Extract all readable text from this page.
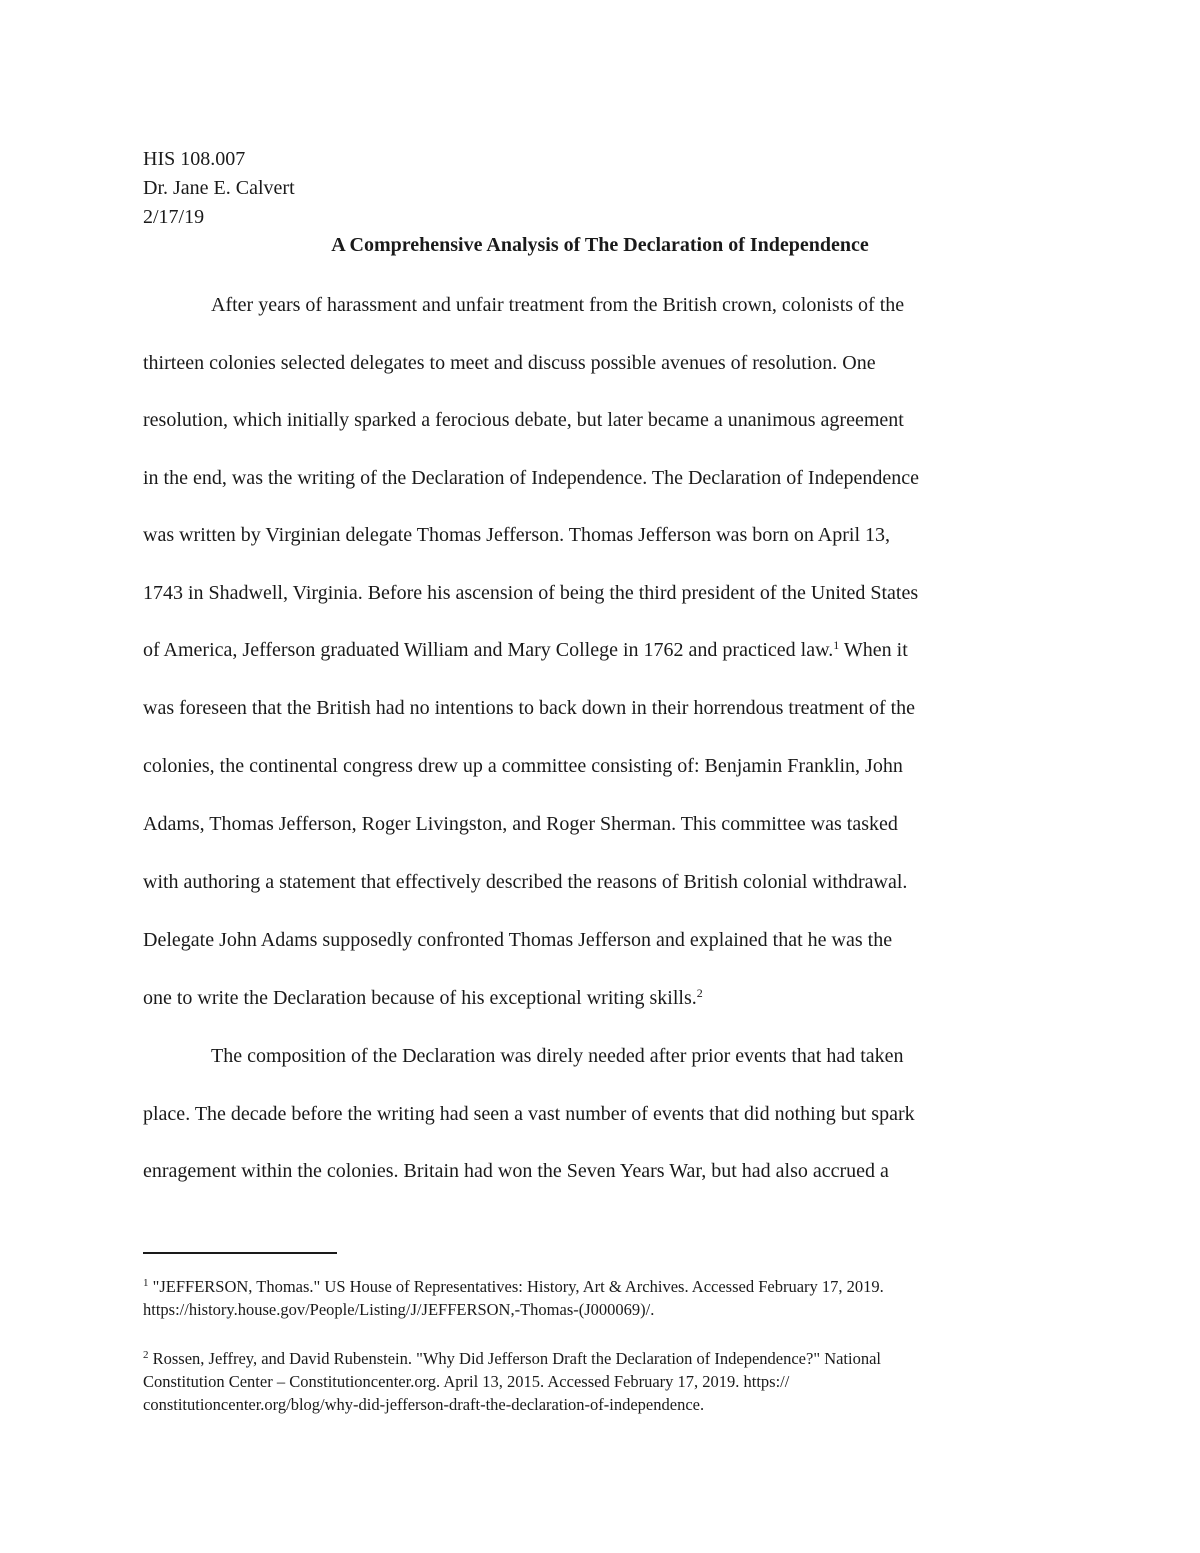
HIS 108.007
Dr. Jane E. Calvert
2/17/19
A Comprehensive Analysis of The Declaration of Independence
After years of harassment and unfair treatment from the British crown, colonists of the
thirteen colonies selected delegates to meet and discuss possible avenues of resolution. One
resolution, which initially sparked a ferocious debate, but later became a unanimous agreement
in the end, was the writing of the Declaration of Independence. The Declaration of Independence
was written by Virginian delegate Thomas Jefferson. Thomas Jefferson was born on April 13,
1743 in Shadwell, Virginia. Before his ascension of being the third president of the United States
of America, Jefferson graduated William and Mary College in 1762 and practiced law.$^1$ When it
was foreseen that the British had no intentions to back down in their horrendous treatment of the
colonies, the continental congress drew up a committee consisting of: Benjamin Franklin, John
Adams, Thomas Jefferson, Roger Livingston, and Roger Sherman. This committee was tasked
with authoring a statement that effectively described the reasons of British colonial withdrawal.
Delegate John Adams supposedly confronted Thomas Jefferson and explained that he was the
one to write the Declaration because of his exceptional writing skills.$^2$
The composition of the Declaration was direly needed after prior events that had taken
place. The decade before the writing had seen a vast number of events that did nothing but spark
enragement within the colonies. Britain had won the Seven Years War, but had also accrued a
$^1$ "JEFFERSON, Thomas." US House of Representatives: History, Art & Archives. Accessed February 17, 2019.
https://history.house.gov/People/Listing/J/JEFFERSON,-Thomas-(J000069)/.
$^2$ Rossen, Jeffrey, and David Rubenstein. "Why Did Jefferson Draft the Declaration of Independence?" National
Constitution Center – Constitutioncenter.org. April 13, 2015. Accessed February 17, 2019. https://
constitutioncenter.org/blog/why-did-jefferson-draft-the-declaration-of-independence.
